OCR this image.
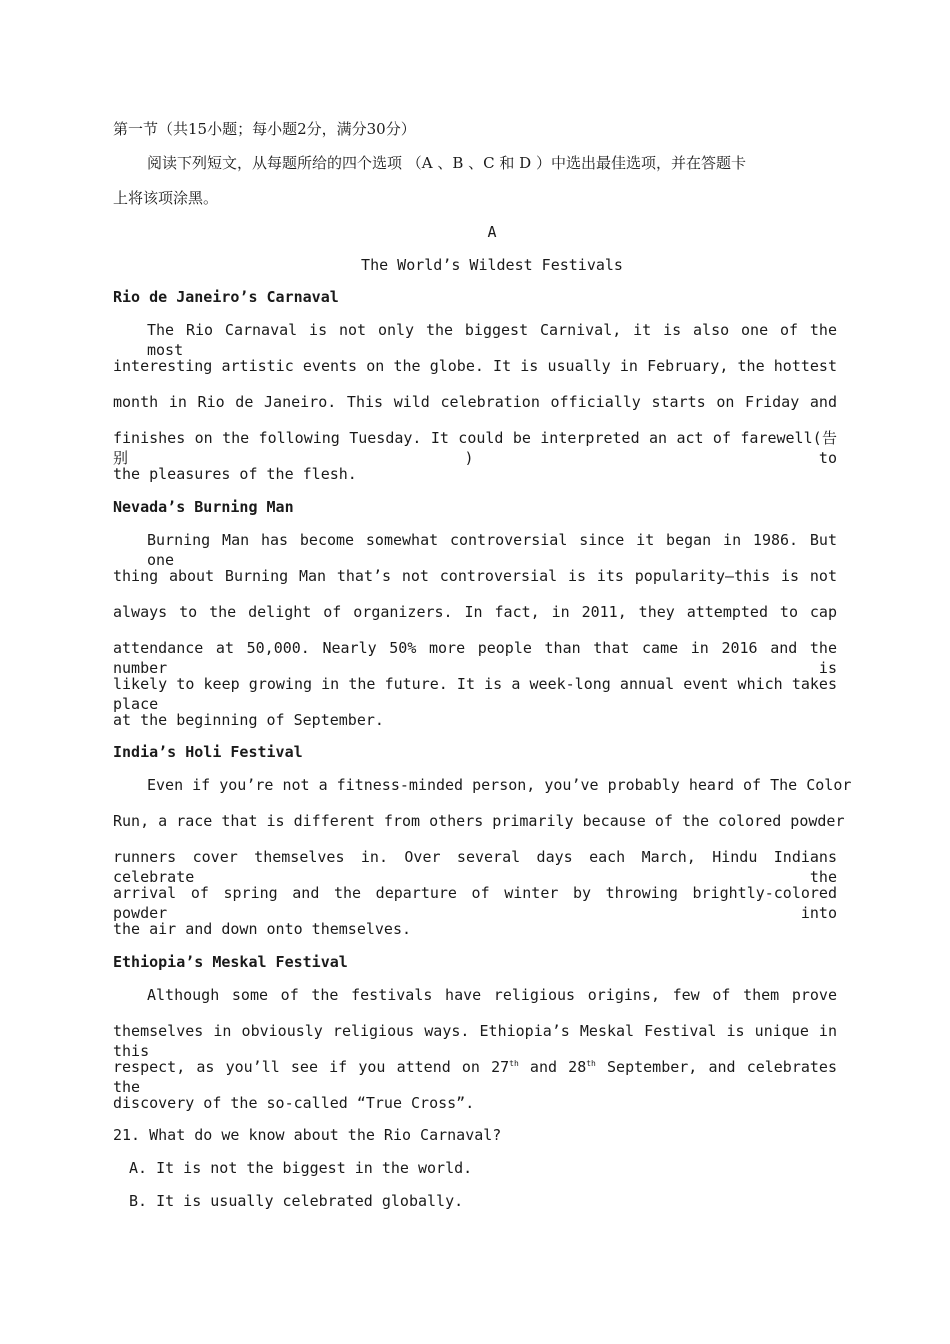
第一节（共15小题；每小题2分，满分30分）
阅读下列短文，从每题所给的四个选项 （A 、B 、C 和 D ）中选出最佳选项，并在答题卡
上将该项涂黑。
A
The World’s Wildest Festivals
Rio de Janeiro’s Carnaval
The Rio Carnaval is not only the biggest Carnival, it is also one of the most
interesting artistic events on the globe. It is usually in February, the hottest
month in Rio de Janeiro. This wild celebration officially starts on Friday and
finishes on the following Tuesday. It could be interpreted an act of farewell(告别) to
the pleasures of the flesh.
Nevada’s Burning Man
Burning Man has become somewhat controversial since it began in 1986. But one
thing about Burning Man that’s not controversial is its popularity—this is not
always to the delight of organizers. In fact, in 2011, they attempted to cap
attendance at 50,000. Nearly 50% more people than that came in 2016 and the number is
likely to keep growing in the future. It is a week-long annual event which takes place
at the beginning of September.
India’s Holi Festival
Even if you’re not a fitness-minded person, you’ve probably heard of The Color
Run, a race that is different from others primarily because of the colored powder
runners cover themselves in. Over several days each March, Hindu Indians celebrate the
arrival of spring and the departure of winter by throwing brightly-colored powder into
the air and down onto themselves.
Ethiopia’s Meskal Festival
Although some of the festivals have religious origins, few of them prove
themselves in obviously religious ways. Ethiopia’s Meskal Festival is unique in this
respect, as you’ll see if you attend on 27th and 28th September, and celebrates the
discovery of the so-called “True Cross”.
21. What do we know about the Rio Carnaval?
A. It is not the biggest in the world.
B. It is usually celebrated globally.
